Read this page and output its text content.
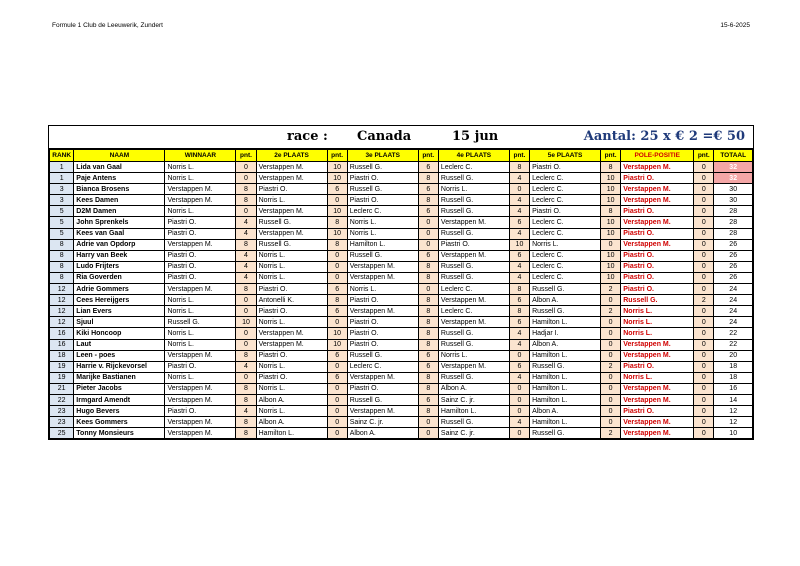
Formule 1 Club de Leeuwerik, Zundert	15-6-2025
race : Canada	15 jun	Aantal: 25 x € 2 =€ 50
RANK	NAAM	WINNAAR	pnt.	2e PLAATS	pnt.	3e PLAATS	pnt.	4e PLAATS	pnt.	5e PLAATS	pnt.	POLE-POSITIE	pnt.	TOTAAL
1	Lida van Gaal	Norris L.	0	Verstappen M.	10	Russell G.	6	Leclerc C.	8	Piastri O.	8	Verstappen M.	0	32
1	Paje Antens	Norris L.	0	Verstappen M.	10	Piastri O.	8	Russell G.	4	Leclerc C.	10	Piastri O.	0	32
3	Bianca Brosens	Verstappen M.	8	Piastri O.	6	Russell G.	6	Norris L.	0	Leclerc C.	10	Verstappen M.	0	30
3	Kees Damen	Verstappen M.	8	Norris L.	0	Piastri O.	8	Russell G.	4	Leclerc C.	10	Verstappen M.	0	30
5	D2M Damen	Norris L.	0	Verstappen M.	10	Leclerc C.	6	Russell G.	4	Piastri O.	8	Piastri O.	0	28
5	John Sprenkels	Piastri O.	4	Russell G.	8	Norris L.	0	Verstappen M.	6	Leclerc C.	10	Verstappen M.	0	28
5	Kees van Gaal	Piastri O.	4	Verstappen M.	10	Norris L.	0	Russell G.	4	Leclerc C.	10	Piastri O.	0	28
8	Adrie van Opdorp	Verstappen M.	8	Russell G.	8	Hamilton L.	0	Piastri O.	10	Norris L.	0	Verstappen M.	0	26
8	Harry van Beek	Piastri O.	4	Norris L.	0	Russell G.	6	Verstappen M.	6	Leclerc C.	10	Piastri O.	0	26
8	Ludo Frijters	Piastri O.	4	Norris L.	0	Verstappen M.	8	Russell G.	4	Leclerc C.	10	Piastri O.	0	26
8	Ria Goverden	Piastri O.	4	Norris L.	0	Verstappen M.	8	Russell G.	4	Leclerc C.	10	Piastri O.	0	26
12	Adrie Gommers	Verstappen M.	8	Piastri O.	6	Norris L.	0	Leclerc C.	8	Russell G.	2	Piastri O.	0	24
12	Cees Hereijgers	Norris L.	0	Antonelli K.	8	Piastri O.	8	Verstappen M.	6	Albon A.	0	Russell G.	2	24
12	Lian Evers	Norris L.	0	Piastri O.	6	Verstappen M.	8	Leclerc C.	8	Russell G.	2	Norris L.	0	24
12	Sjuul	Russell G.	10	Norris L.	0	Piastri O.	8	Verstappen M.	6	Hamilton L.	0	Norris L.	0	24
16	Kiki Honcoop	Norris L.	0	Verstappen M.	10	Piastri O.	8	Russell G.	4	Hadjar I.	0	Norris L.	0	22
16	Laut	Norris L.	0	Verstappen M.	10	Piastri O.	8	Russell G.	4	Albon A.	0	Verstappen M.	0	22
18	Leen - poes	Verstappen M.	8	Piastri O.	6	Russell G.	6	Norris L.	0	Hamilton L.	0	Verstappen M.	0	20
19	Harrie v. Rijckevorsel	Piastri O.	4	Norris L.	0	Leclerc C.	6	Verstappen M.	6	Russell G.	2	Piastri O.	0	18
19	Marijke Bastianen	Norris L.	0	Piastri O.	6	Verstappen M.	8	Russell G.	4	Hamilton L.	0	Norris L.	0	18
21	Pieter Jacobs	Verstappen M.	8	Norris L.	0	Piastri O.	8	Albon A.	0	Hamilton L.	0	Verstappen M.	0	16
22	Irmgard Amendt	Verstappen M.	8	Albon A.	0	Russell G.	6	Sainz C. jr.	0	Hamilton L.	0	Verstappen M.	0	14
23	Hugo Bevers	Piastri O.	4	Norris L.	0	Verstappen M.	8	Hamilton L.	0	Albon A.	0	Piastri O.	0	12
23	Kees Gommers	Verstappen M.	8	Albon A.	0	Sainz C. jr.	0	Russell G.	4	Hamilton L.	0	Verstappen M.	0	12
25	Tonny Monsieurs	Verstappen M.	8	Hamilton L.	0	Albon A.	0	Sainz C. jr.	0	Russell G.	2	Verstappen M.	0	10
